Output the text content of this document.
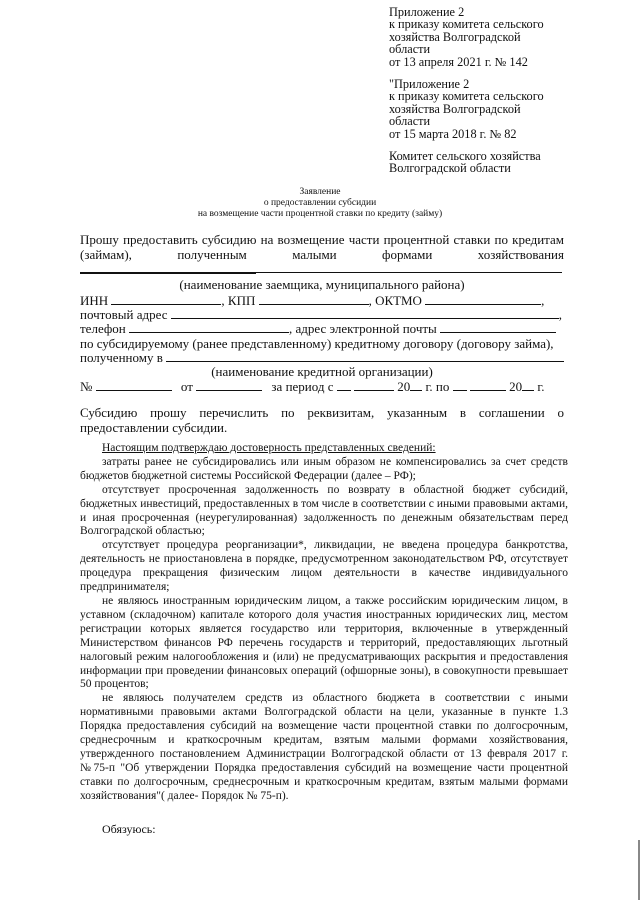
Приложение 2
к приказу комитета сельского
хозяйства Волгоградской
области
от 13 апреля 2021 г. № 142
"Приложение 2
к приказу комитета сельского
хозяйства Волгоградской
области
от 15 марта 2018 г. № 82
Комитет сельского хозяйства
Волгоградской области
Заявление
о предоставлении субсидии
на возмещение части процентной ставки по кредиту (займу)
Прошу предоставить субсидию на возмещение части процентной ставки по кредитам (займам), полученным малыми формами хозяйствования
(наименование заемщика, муниципального района)
ИНН	, КПП	, ОКТМО	,
почтовый адрес	,
телефон	, адрес электронной почты
по субсидируемому (ранее представленному) кредитному договору (договору займа),
полученному в
(наименование кредитной организации)
№	от	за период с	20 г. по	20 г.
Субсидию прошу перечислить по реквизитам, указанным в соглашении о предоставлении субсидии.

Настоящим подтверждаю достоверность представленных сведений:

затраты ранее не субсидировались или иным образом не компенсировались за счет средств бюджетов бюджетной системы Российской Федерации (далее – РФ);

отсутствует просроченная задолженность по возврату в областной бюджет субсидий, бюджетных инвестиций, предоставленных в том числе в соответствии с иными правовыми актами, и иная просроченная (неурегулированная) задолженность по денежным обязательствам перед Волгоградской областью;

отсутствует процедура реорганизации*, ликвидации, не введена процедура банкротства, деятельность не приостановлена в порядке, предусмотренном законодательством РФ, отсутствует процедура прекращения физическим лицом деятельности в качестве индивидуального предпринимателя;

не являюсь иностранным юридическим лицом, а также российским юридическим лицом, в уставном (складочном) капитале которого доля участия иностранных юридических лиц, местом регистрации которых является государство или территория, включенные в утвержденный Министерством финансов РФ перечень государств и территорий, предоставляющих льготный налоговый режим налогообложения и (или) не предусматривающих раскрытия и предоставления информации при проведении финансовых операций (офшорные зоны), в совокупности превышает 50 процентов;

не являюсь получателем средств из областного бюджета в соответствии с иными нормативными правовыми актами Волгоградской области на цели, указанные в пункте 1.3 Порядка предоставления субсидий на возмещение части процентной ставки по долгосрочным, среднесрочным и краткосрочным кредитам, взятым малыми формами хозяйствования, утвержденного постановлением Администрации Волгоградской области от 13 февраля 2017 г. №75-п "Об утверждении Порядка предоставления субсидий на возмещение части процентной ставки по долгосрочным, среднесрочным и краткосрочным кредитам, взятым малыми формами хозяйствования"( далее- Порядок № 75-п).

Обязуюсь:
